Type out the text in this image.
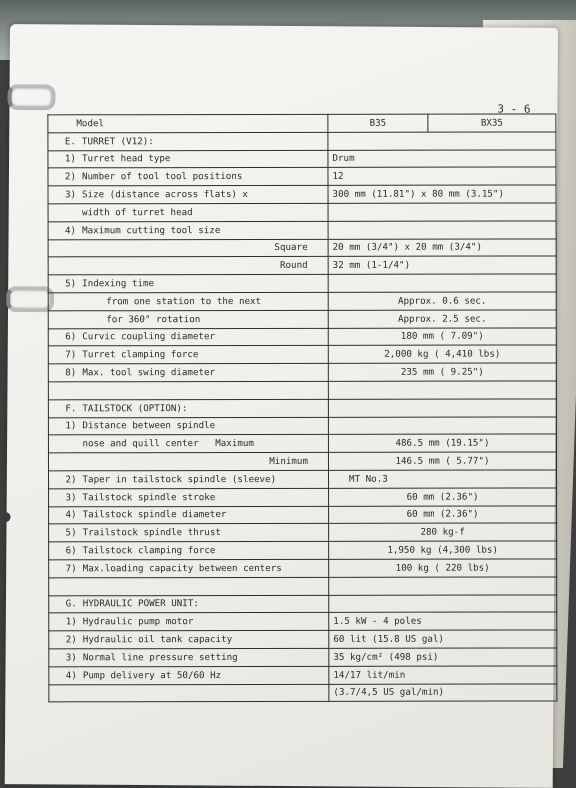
3 - 6
Model		B35	BX35
E.	TURRET (V12):		
1)	Turret head type	Drum	
2)	Number of tool tool positions	12	
3)	Size (distance across flats) x	300 mm (11.81") x 80 mm (3.15")	
	width of turret head		
4)	Maximum cutting tool size		
	Square	20 mm (3/4") x 20 mm (3/4")	
	Round	32 mm (1-1/4")	
5)	Indexing time		
	from one station to the next	Approx. 0.6 sec.	
	for 360° rotation	Approx. 2.5 sec.	
6)	Curvic coupling diameter	180 mm ( 7.09")	
7)	Turret clamping force	2,000 kg ( 4,410 lbs)	
8)	Max. tool swing diameter	235 mm ( 9.25")	

F.	TAILSTOCK (OPTION):		
1)	Distance between spindle		
	nose and quill center Maximum	486.5 mm (19.15")	
	Minimum	146.5 mm ( 5.77")	
2)	Taper in tailstock spindle (sleeve)	MT No.3	
3)	Tailstock spindle stroke	60 mm (2.36")	
4)	Tailstock spindle diameter	60 mm (2.36")	
5)	Trailstock spindle thrust	280 kg-f	
6)	Tailstock clamping force	1,950 kg (4,300 lbs)	
7)	Max.loading capacity between centers	100 kg ( 220 lbs)	

G.	HYDRAULIC POWER UNIT:		
1)	Hydraulic pump motor	1.5 kW - 4 poles	
2)	Hydraulic oil tank capacity	60 lit (15.8 US gal)	
3)	Normal line pressure setting	35 kg/cm² (498 psi)	
4)	Pump delivery at 50/60 Hz	14/17 lit/min	
		(3.7/4,5 US gal/min)	
